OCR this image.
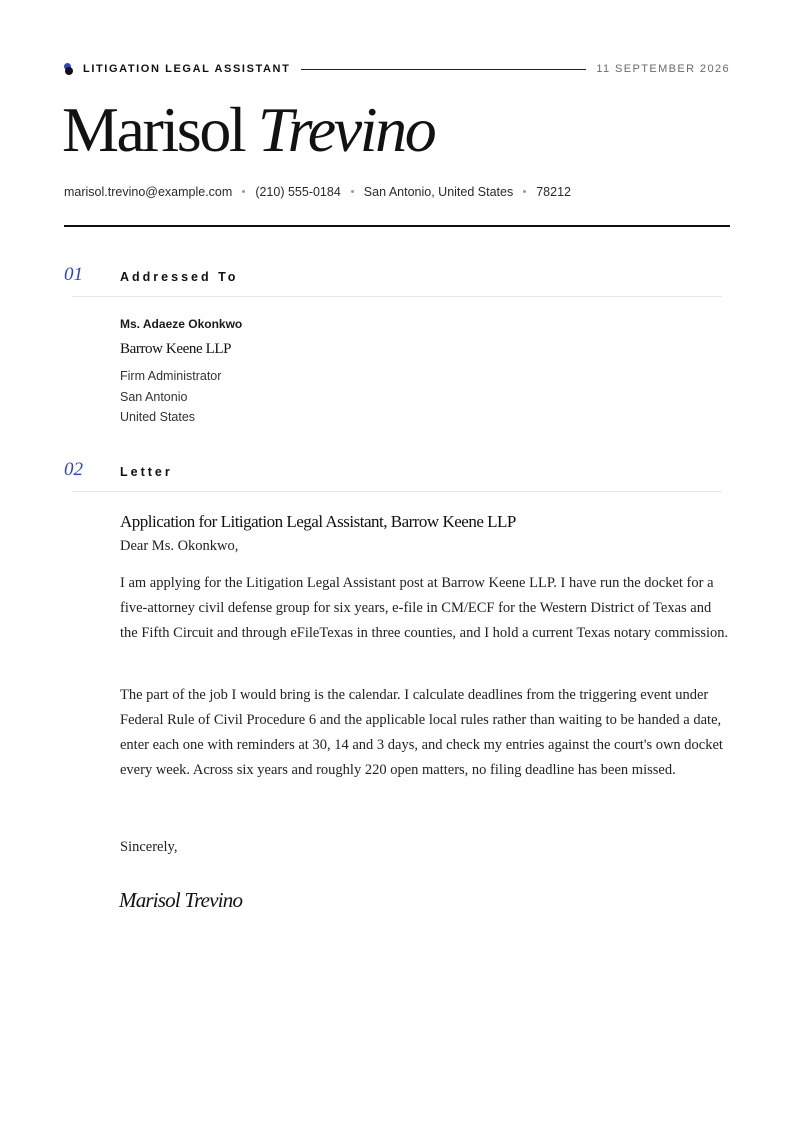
LITIGATION LEGAL ASSISTANT	11 SEPTEMBER 2026
Marisol Trevino
marisol.trevino@example.com (210) 555-0184 San Antonio, United States 78212
01	Addressed To
Ms. Adaeze Okonkwo
Barrow Keene LLP
Firm Administrator
San Antonio
United States
02	Letter
Application for Litigation Legal Assistant, Barrow Keene LLP
Dear Ms. Okonkwo,
I am applying for the Litigation Legal Assistant post at Barrow Keene LLP. I have run the docket for a five-attorney civil defense group for six years, e-file in CM/ECF for the Western District of Texas and the Fifth Circuit and through eFileTexas in three counties, and I hold a current Texas notary commission.
The part of the job I would bring is the calendar. I calculate deadlines from the triggering event under Federal Rule of Civil Procedure 6 and the applicable local rules rather than waiting to be handed a date, enter each one with reminders at 30, 14 and 3 days, and check my entries against the court's own docket every week. Across six years and roughly 220 open matters, no filing deadline has been missed.
Sincerely,
Marisol Trevino
